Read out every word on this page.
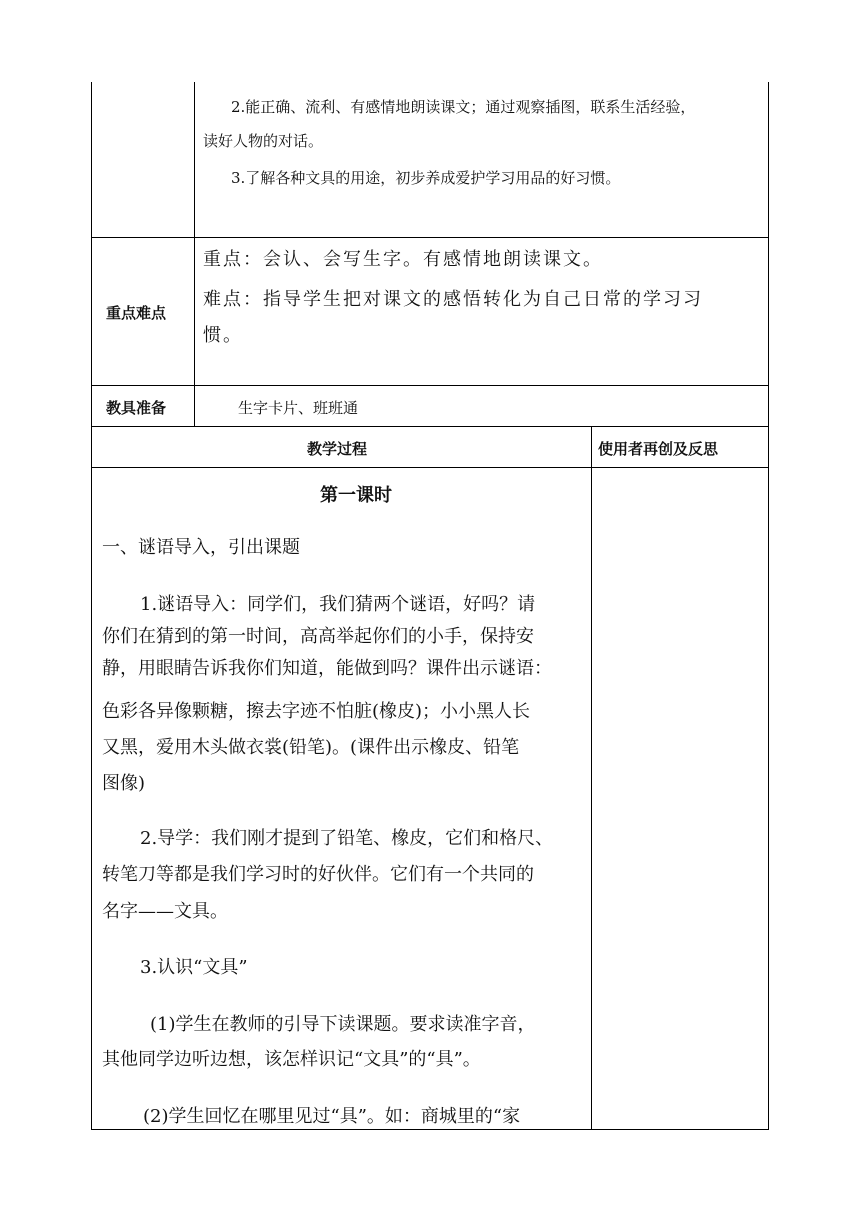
2.能正确、流利、有感情地朗读课文；通过观察插图，联系生活经验，
读好人物的对话。
3.了解各种文具的用途，初步养成爱护学习用品的好习惯。
重点难点
重点：会认、会写生字。有感情地朗读课文。
难点：指导学生把对课文的感悟转化为自己日常的学习习
惯。
教具准备	生字卡片、班班通
教学过程	使用者再创及反思
第一课时
一、谜语导入，引出课题
1.谜语导入：同学们，我们猜两个谜语，好吗？请
你们在猜到的第一时间，高高举起你们的小手，保持安
静，用眼睛告诉我你们知道，能做到吗？课件出示谜语：
色彩各异像颗糖，擦去字迹不怕脏(橡皮)；小小黑人长
又黑，爱用木头做衣裳(铅笔)。(课件出示橡皮、铅笔
图像)
2.导学：我们刚才提到了铅笔、橡皮，它们和格尺、
转笔刀等都是我们学习时的好伙伴。它们有一个共同的
名字——文具。
3.认识“文具”
(1)学生在教师的引导下读课题。要求读准字音，
其他同学边听边想，该怎样识记“文具”的“具”。
(2)学生回忆在哪里见过“具”。如：商城里的“家
